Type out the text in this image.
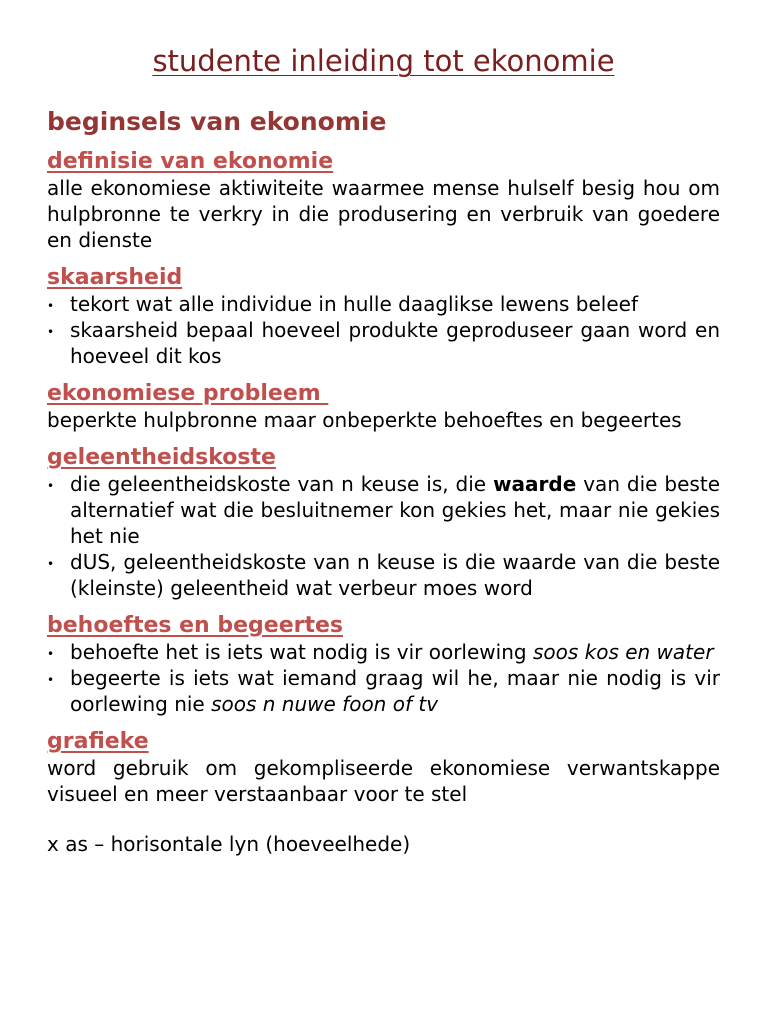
studente inleiding tot ekonomie
beginsels van ekonomie
definisie van ekonomie

alle ekonomiese aktiwiteite waarmee mense hulself besig hou om hulpbronne te verkry in die produsering en verbruik van goedere en dienste

skaarsheid
• tekort wat alle individue in hulle daaglikse lewens beleef
• skaarsheid bepaal hoeveel produkte geproduseer gaan word en hoeveel dit kos
ekonomiese probleem

beperkte hulpbronne maar onbeperkte behoeftes en begeertes

geleentheidskoste
• die geleentheidskoste van n keuse is, die waarde van die beste alternatief wat die besluitnemer kon gekies het, maar nie gekies het nie
• dUS, geleentheidskoste van n keuse is die waarde van die beste (kleinste) geleentheid wat verbeur moes word
behoeftes en begeertes
• behoefte het is iets wat nodig is vir oorlewing soos kos en water
• begeerte is iets wat iemand graag wil he, maar nie nodig is vir oorlewing nie soos n nuwe foon of tv
grafieke

word gebruik om gekompliseerde ekonomiese verwantskappe visueel en meer verstaanbaar voor te stel

x as – horisontale lyn (hoeveelhede)
